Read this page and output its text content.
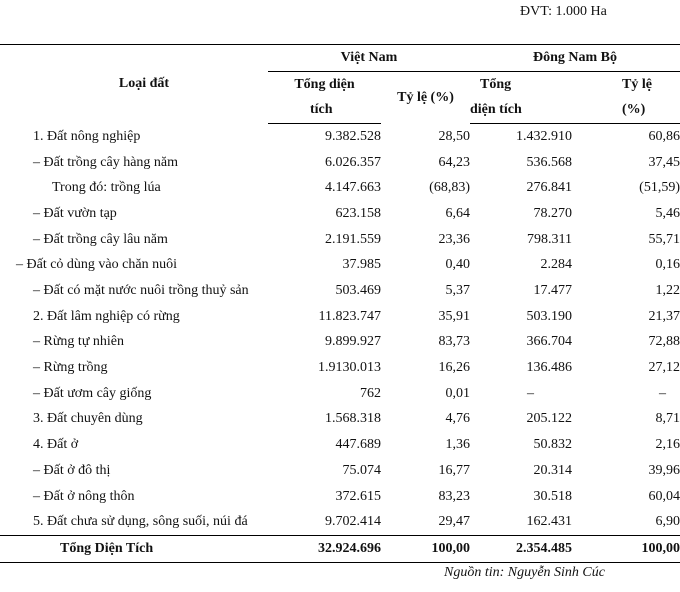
ĐVT: 1.000 Ha
Loại đất	Việt Nam		Đông Nam Bộ	
	Tổng diện	Tỷ lệ (%)	Tổng	Tỷ lệ
	tích		diện tích	(%)
1. Đất nông nghiệp	9.382.528	28,50	1.432.910	60,86
– Đất trồng cây hàng năm	6.026.357	64,23	536.568	37,45
Trong đó: trồng lúa	4.147.663	(68,83)	276.841	(51,59)
– Đất vườn tạp	623.158	6,64	78.270	5,46
– Đất trồng cây lâu năm	2.191.559	23,36	798.311	55,71
– Đất cỏ dùng vào chăn nuôi	37.985	0,40	2.284	0,16
– Đất có mặt nước nuôi trồng thuỷ sản	503.469	5,37	17.477	1,22
2. Đất lâm nghiệp có rừng	11.823.747	35,91	503.190	21,37
– Rừng tự nhiên	9.899.927	83,73	366.704	72,88
– Rừng trồng	1.9130.013	16,26	136.486	27,12
– Đất ươm cây giống	762	0,01	–	–
3. Đất chuyên dùng	1.568.318	4,76	205.122	8,71
4. Đất ở	447.689	1,36	50.832	2,16
– Đất ở đô thị	75.074	16,77	20.314	39,96
– Đất ở nông thôn	372.615	83,23	30.518	60,04
5. Đất chưa sử dụng, sông suối, núi đá	9.702.414	29,47	162.431	6,90
Tổng Diện Tích	32.924.696	100,00	2.354.485	100,00
Nguồn tin: Nguyễn Sinh Cúc
